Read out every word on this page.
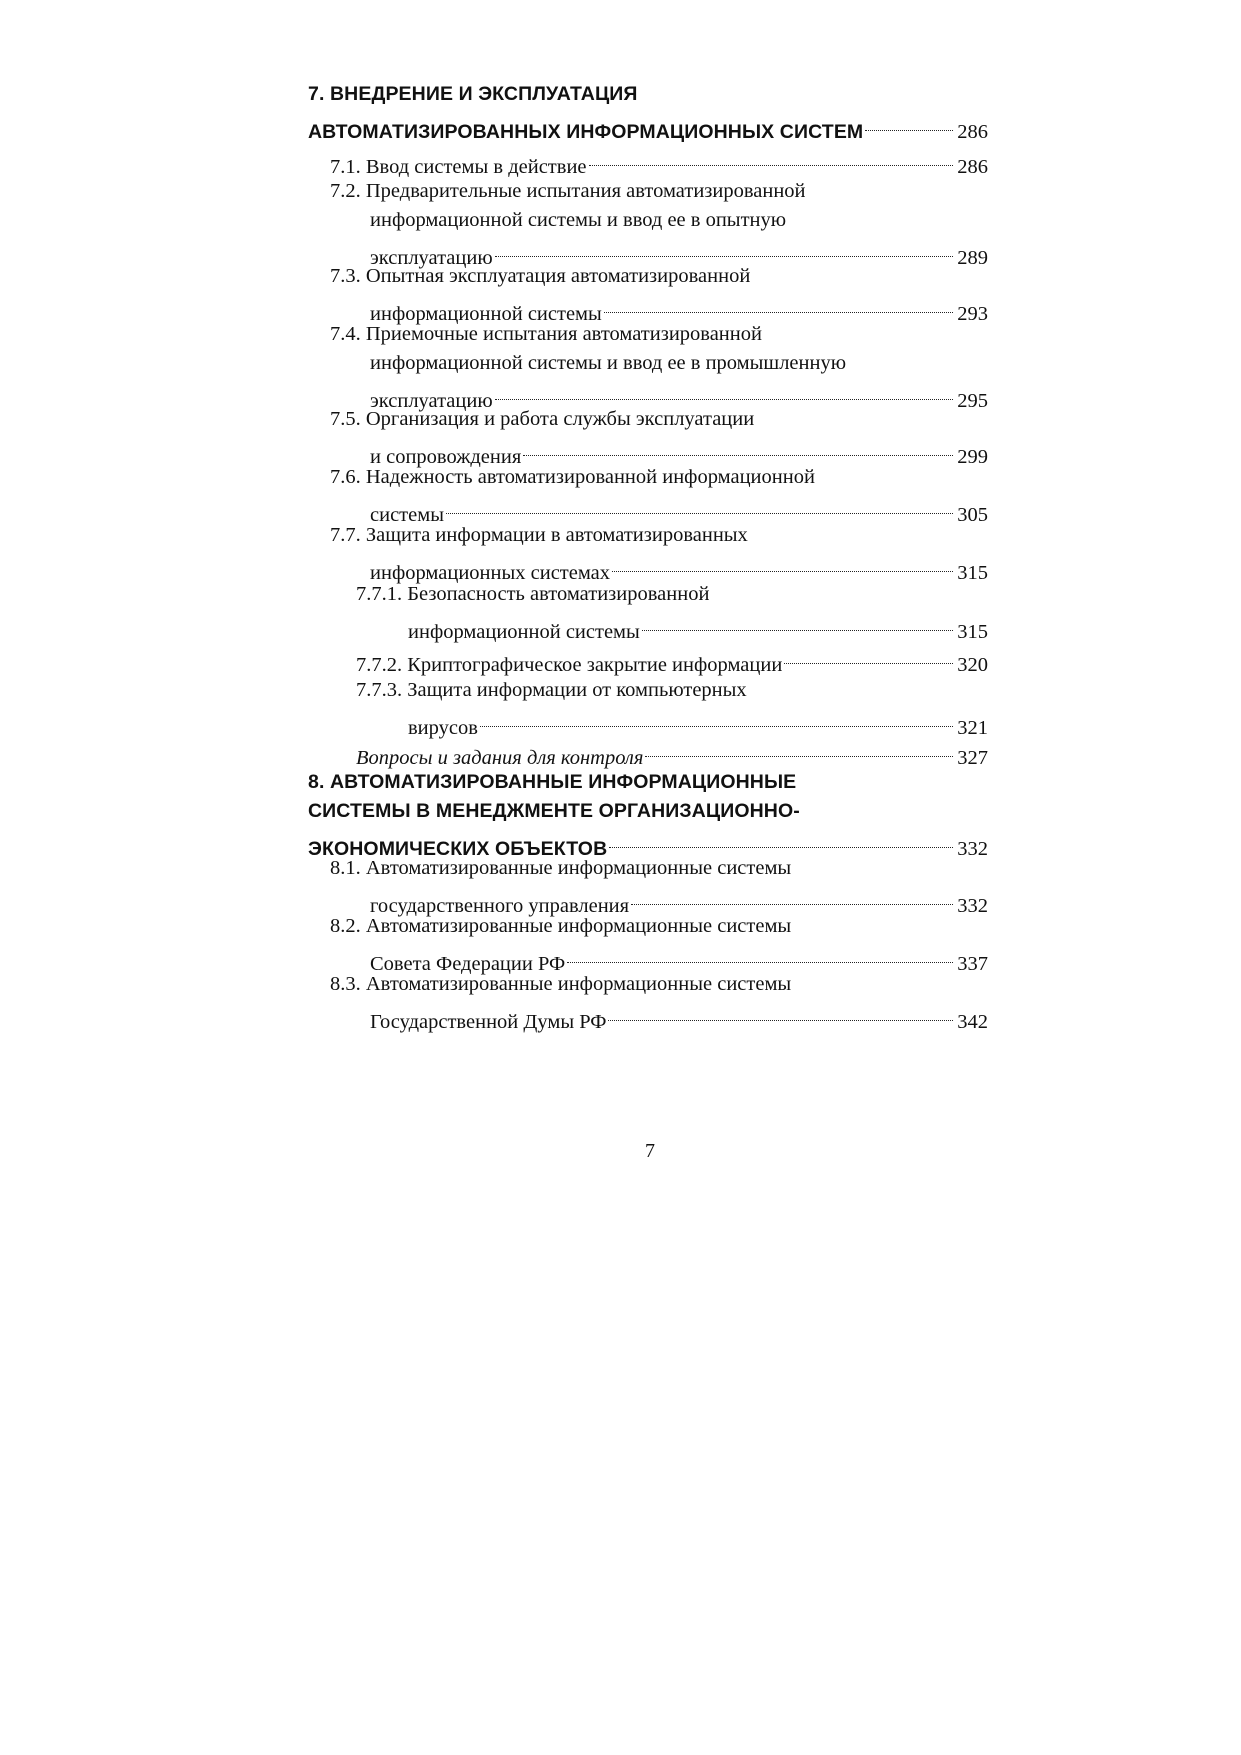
7. ВНЕДРЕНИЕ И ЭКСПЛУАТАЦИЯ
АВТОМАТИЗИРОВАННЫХ ИНФОРМАЦИОННЫХ СИСТЕМ	286
7.1. Ввод системы в действие	286
7.2. Предварительные испытания автоматизированной
информационной системы и ввод ее в опытную
эксплуатацию	289
7.3. Опытная эксплуатация автоматизированной
информационной системы	293
7.4. Приемочные испытания автоматизированной
информационной системы и ввод ее в промышленную
эксплуатацию	295
7.5. Организация и работа службы эксплуатации
и сопровождения	299
7.6. Надежность автоматизированной информационной
системы	305
7.7. Защита информации в автоматизированных
информационных системах	315
7.7.1. Безопасность автоматизированной
информационной системы	315
7.7.2. Криптографическое закрытие информации	320
7.7.3. Защита информации от компьютерных
вирусов	321
Вопросы и задания для контроля	327
8. АВТОМАТИЗИРОВАННЫЕ ИНФОРМАЦИОННЫЕ
СИСТЕМЫ В МЕНЕДЖМЕНТЕ ОРГАНИЗАЦИОННО-
ЭКОНОМИЧЕСКИХ ОБЪЕКТОВ	332
8.1. Автоматизированные информационные системы
государственного управления	332
8.2. Автоматизированные информационные системы
Совета Федерации РФ	337
8.3. Автоматизированные информационные системы
Государственной Думы РФ	342
7
